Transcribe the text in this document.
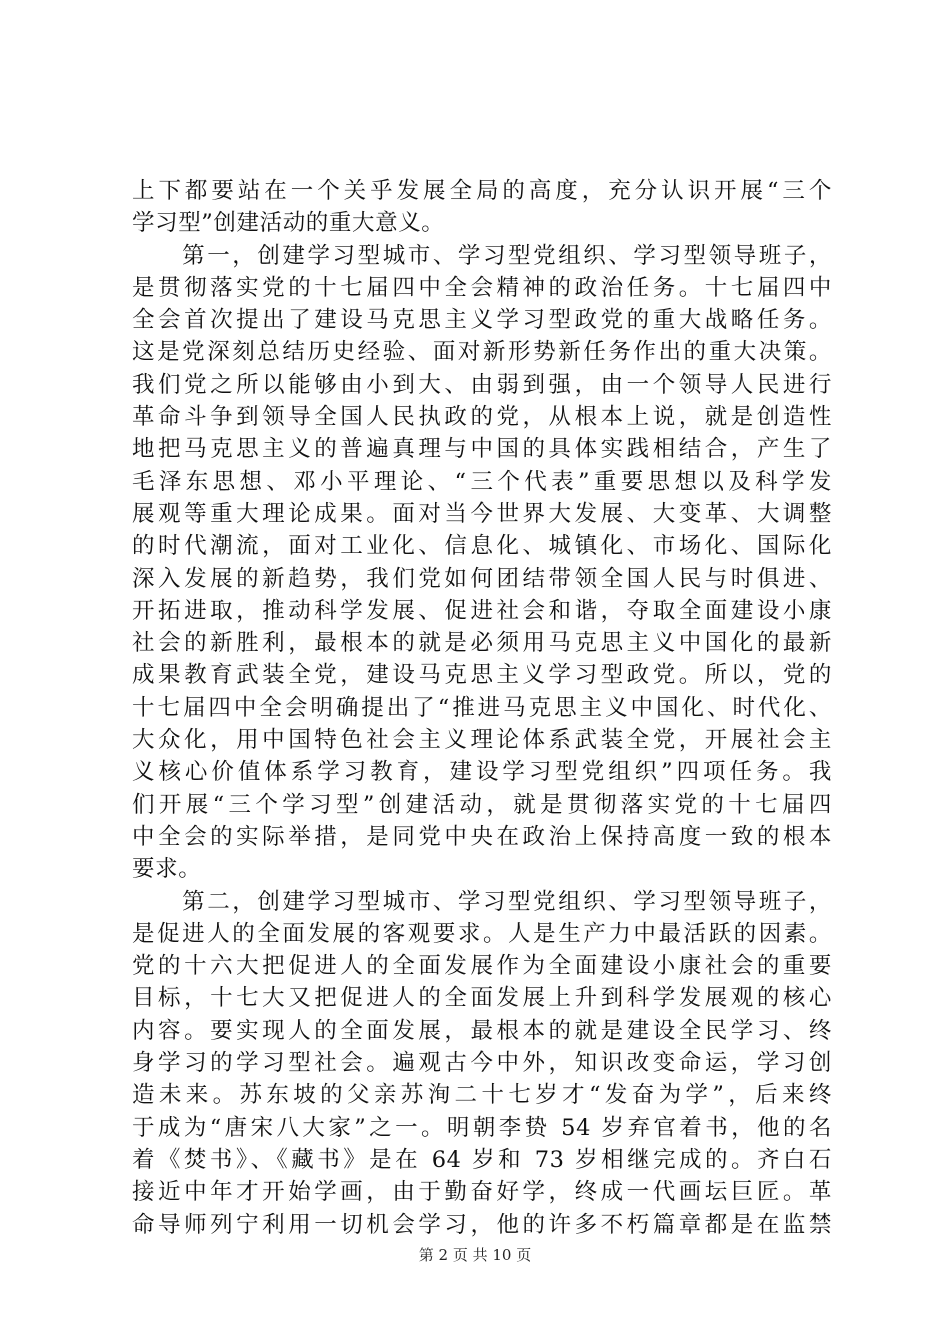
上下都要站在一个关乎发展全局的高度，充分认识开展“三个
学习型”创建活动的重大意义。
　　第一，创建学习型城市、学习型党组织、学习型领导班子，
是贯彻落实党的十七届四中全会精神的政治任务。十七届四中
全会首次提出了建设马克思主义学习型政党的重大战略任务。
这是党深刻总结历史经验、面对新形势新任务作出的重大决策。
我们党之所以能够由小到大、由弱到强，由一个领导人民进行
革命斗争到领导全国人民执政的党，从根本上说，就是创造性
地把马克思主义的普遍真理与中国的具体实践相结合，产生了
毛泽东思想、邓小平理论、“三个代表”重要思想以及科学发
展观等重大理论成果。面对当今世界大发展、大变革、大调整
的时代潮流，面对工业化、信息化、城镇化、市场化、国际化
深入发展的新趋势，我们党如何团结带领全国人民与时俱进、
开拓进取，推动科学发展、促进社会和谐，夺取全面建设小康
社会的新胜利，最根本的就是必须用马克思主义中国化的最新
成果教育武装全党，建设马克思主义学习型政党。所以，党的
十七届四中全会明确提出了“推进马克思主义中国化、时代化、
大众化，用中国特色社会主义理论体系武装全党，开展社会主
义核心价值体系学习教育，建设学习型党组织”四项任务。我
们开展“三个学习型”创建活动，就是贯彻落实党的十七届四
中全会的实际举措，是同党中央在政治上保持高度一致的根本
要求。
　　第二，创建学习型城市、学习型党组织、学习型领导班子，
是促进人的全面发展的客观要求。人是生产力中最活跃的因素。
党的十六大把促进人的全面发展作为全面建设小康社会的重要
目标，十七大又把促进人的全面发展上升到科学发展观的核心
内容。要实现人的全面发展，最根本的就是建设全民学习、终
身学习的学习型社会。遍观古今中外，知识改变命运，学习创
造未来。苏东坡的父亲苏洵二十七岁才“发奋为学”，后来终
于成为“唐宋八大家”之一。明朝李贽 54 岁弃官着书，他的名
着《焚书》、《藏书》是在 64 岁和 73 岁相继完成的。齐白石
接近中年才开始学画，由于勤奋好学，终成一代画坛巨匠。革
命导师列宁利用一切机会学习，他的许多不朽篇章都是在监禁
第 2 页 共 10 页
